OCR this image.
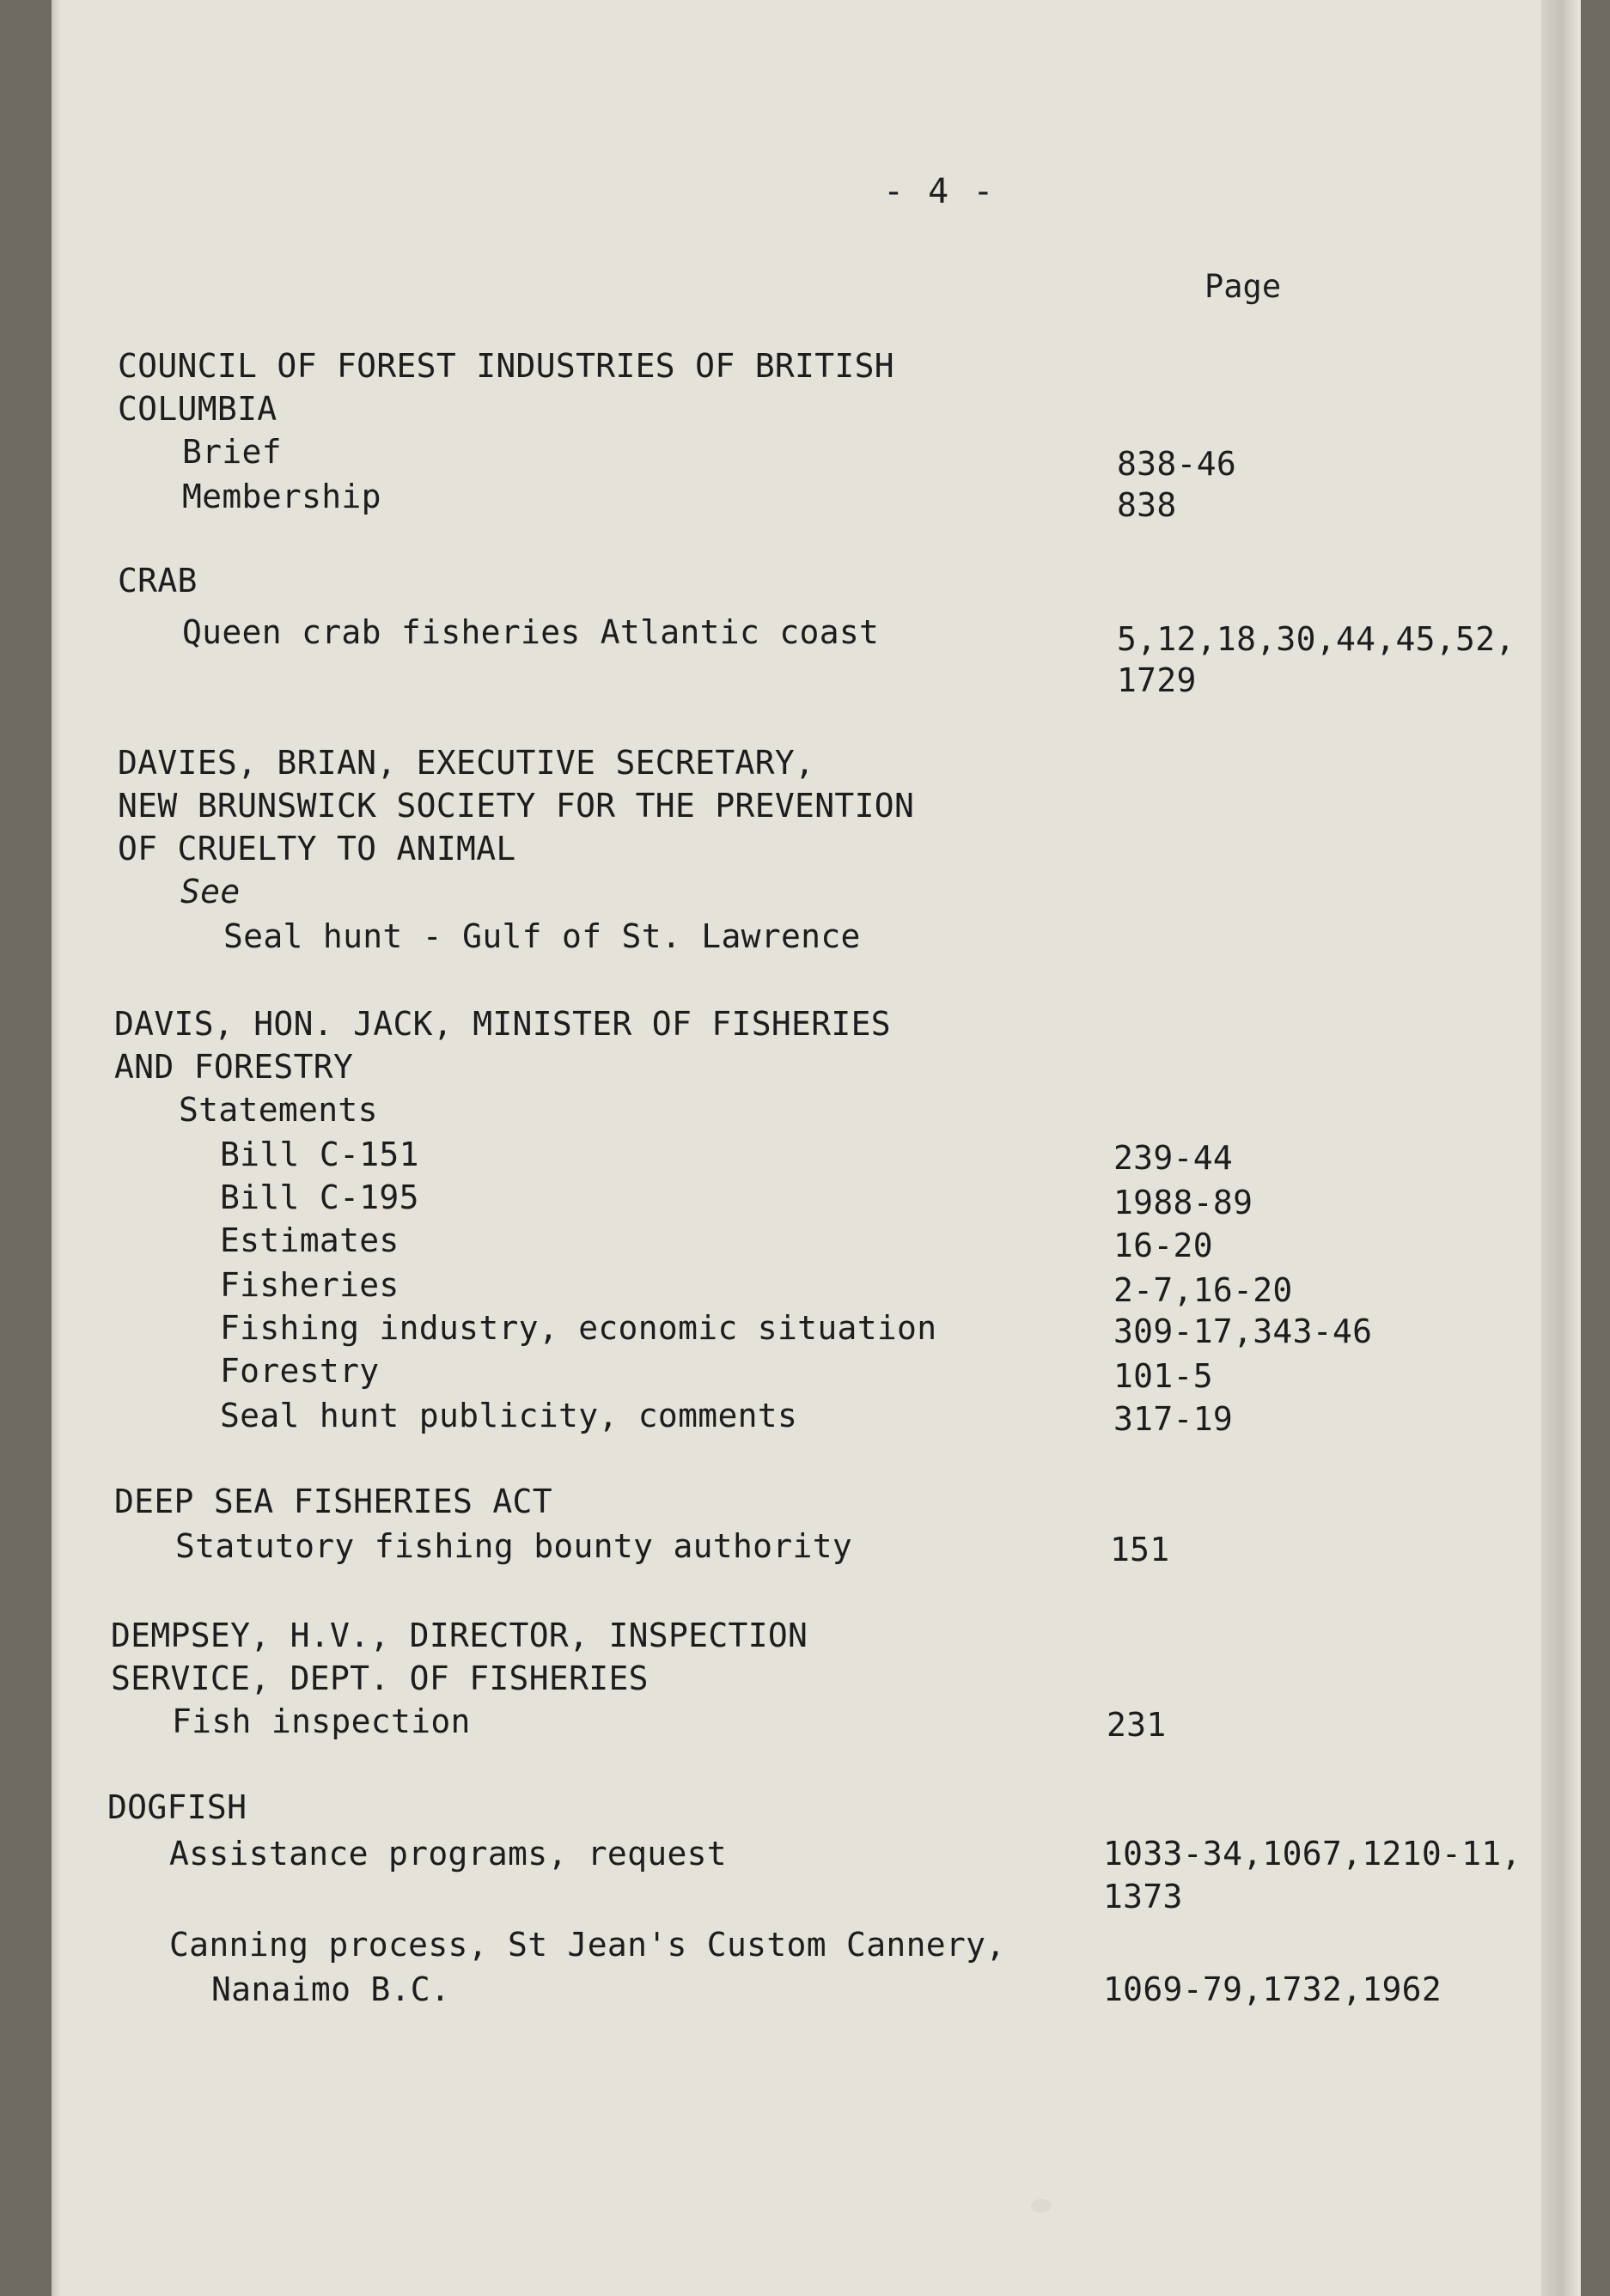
- 4 -
Page
COUNCIL OF FOREST INDUSTRIES OF BRITISH
COLUMBIA
Brief	838-46
Membership	838
CRAB
Queen crab fisheries Atlantic coast	5,12,18,30,44,45,52,
1729
DAVIES, BRIAN, EXECUTIVE SECRETARY,
NEW BRUNSWICK SOCIETY FOR THE PREVENTION
OF CRUELTY TO ANIMAL
See
Seal hunt - Gulf of St. Lawrence
DAVIS, HON. JACK, MINISTER OF FISHERIES
AND FORESTRY
Statements
Bill C-151	239-44
Bill C-195	1988-89
Estimates	16-20
Fisheries	2-7,16-20
Fishing industry, economic situation	309-17,343-46
Forestry	101-5
Seal hunt publicity, comments	317-19
DEEP SEA FISHERIES ACT
Statutory fishing bounty authority	151
DEMPSEY, H.V., DIRECTOR, INSPECTION
SERVICE, DEPT. OF FISHERIES
Fish inspection	231
DOGFISH
Assistance programs, request	1033-34,1067,1210-11,
1373
Canning process, St Jean's Custom Cannery,
Nanaimo B.C.	1069-79,1732,1962
